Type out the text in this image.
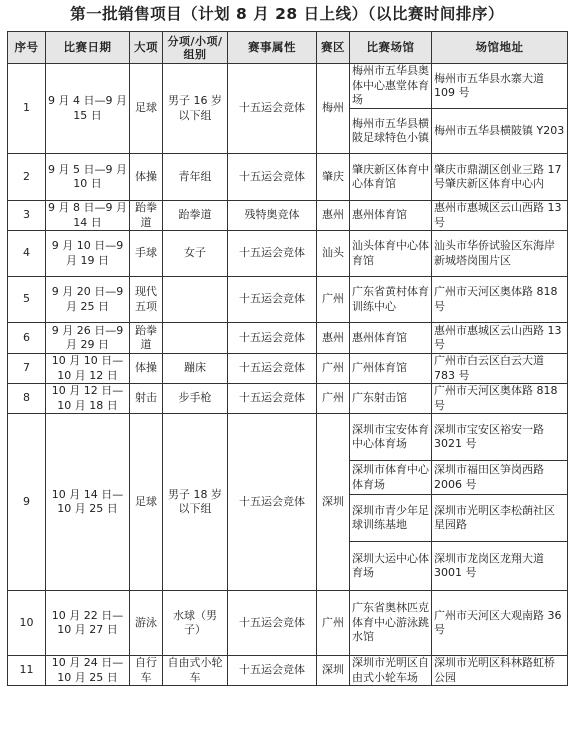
第一批销售项目（计划 8 月 28 日上线）（以比赛时间排序）
序号	比赛日期	大项	分项/小项/组别	赛事属性	赛区	比赛场馆	场馆地址
1	9 月 4 日—9 月 15 日	足球	男子 16 岁以下组	十五运会竞体	梅州	梅州市五华县奥体中心惠堂体育场	梅州市五华县水寨大道 109 号
						梅州市五华县横陂足球特色小镇	梅州市五华县横陂镇 Y203
2	9 月 5 日—9 月 10 日	体操	青年组	十五运会竞体	肇庆	肇庆新区体育中心体育馆	肇庆市鼎湖区创业三路 17 号肇庆新区体育中心内
3	9 月 8 日—9 月 14 日	跆拳道	跆拳道	残特奥竞体	惠州	惠州体育馆	惠州市惠城区云山西路 13 号
4	9 月 10 日—9 月 19 日	手球	女子	十五运会竞体	汕头	汕头体育中心体育馆	汕头市华侨试验区东海岸新城塔岗围片区
5	9 月 20 日—9 月 25 日	现代五项		十五运会竞体	广州	广东省黄村体育训练中心	广州市天河区奥体路 818 号
6	9 月 26 日—9 月 29 日	跆拳道		十五运会竞体	惠州	惠州体育馆	惠州市惠城区云山西路 13 号
7	10 月 10 日—10 月 12 日	体操	蹦床	十五运会竞体	广州	广州体育馆	广州市白云区白云大道 783 号
8	10 月 12 日—10 月 18 日	射击	步手枪	十五运会竞体	广州	广东射击馆	广州市天河区奥体路 818 号
9	10 月 14 日—10 月 25 日	足球	男子 18 岁以下组	十五运会竞体	深圳	深圳市宝安体育中心体育场	深圳市宝安区裕安一路 3021 号
						深圳市体育中心体育场	深圳市福田区笋岗西路 2006 号
						深圳市青少年足球训练基地	深圳市光明区李松蓢社区星园路
						深圳大运中心体育场	深圳市龙岗区龙翔大道 3001 号
10	10 月 22 日—10 月 27 日	游泳	水球（男子）	十五运会竞体	广州	广东省奥林匹克体育中心游泳跳水馆	广州市天河区大观南路 36 号
11	10 月 24 日—10 月 25 日	自行车	自由式小轮车	十五运会竞体	深圳	深圳市光明区自由式小轮车场	深圳市光明区科林路虹桥公园
